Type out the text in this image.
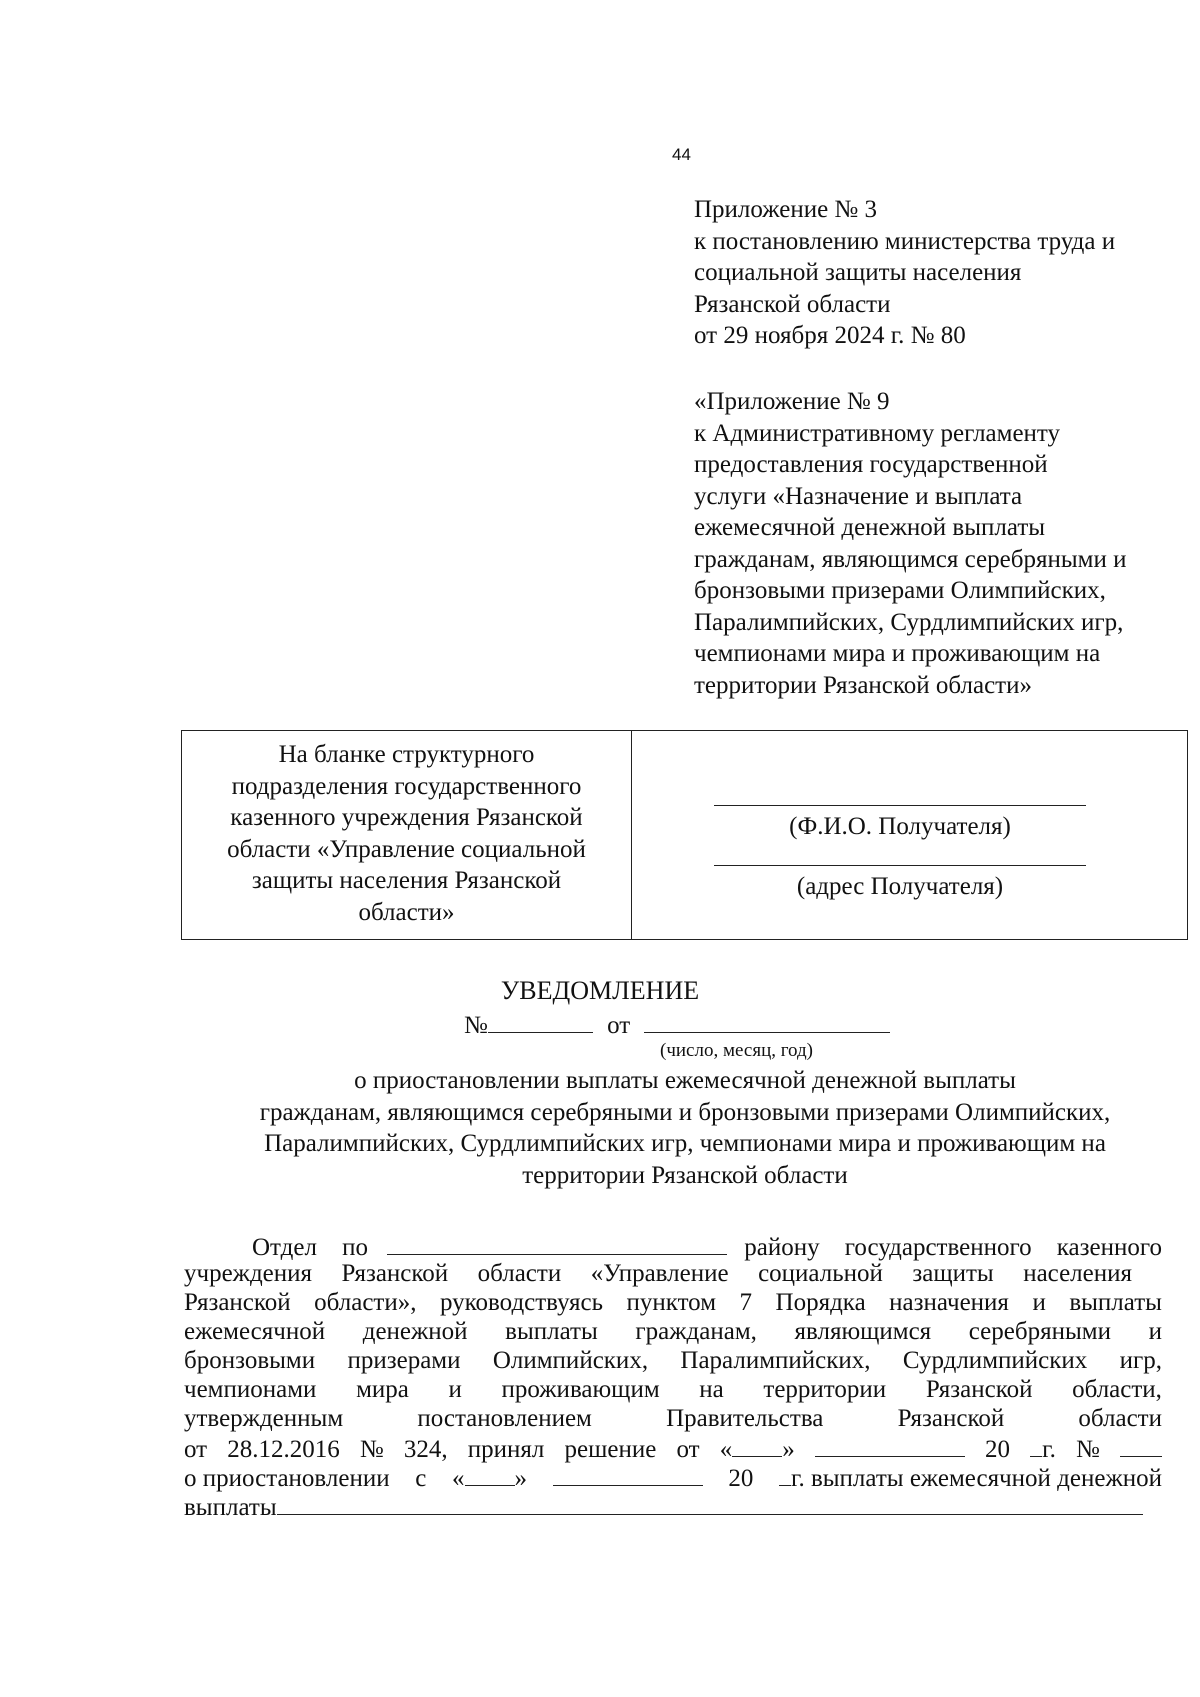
44
Приложение № 3
к постановлению министерства труда и
социальной защиты населения
Рязанской области
от 29 ноября 2024 г. № 80
«Приложение № 9
к Административному регламенту
предоставления государственной
услуги «Назначение и выплата
ежемесячной денежной выплаты
гражданам, являющимся серебряными и
бронзовыми призерами Олимпийских,
Паралимпийских, Сурдлимпийских игр,
чемпионами мира и проживающим на
территории Рязанской области»
На бланке структурного
подразделения государственного
казенного учреждения Рязанской
области «Управление социальной
защиты населения Рязанской
области»
(Ф.И.О. Получателя)
(адрес Получателя)
УВЕДОМЛЕНИЕ
№	от
(число, месяц, год)
о приостановлении выплаты ежемесячной денежной выплаты
гражданам, являющимся серебряными и бронзовыми призерами Олимпийских,
Паралимпийских, Сурдлимпийских игр, чемпионами мира и проживающим на
территории Рязанской области
Отдел по	району государственного казенного
учреждения Рязанской области «Управление социальной защиты населения
Рязанской области», руководствуясь пунктом 7 Порядка назначения и выплаты
ежемесячной денежной выплаты гражданам, являющимся серебряными и
бронзовыми призерами Олимпийских, Паралимпийских, Сурдлимпийских игр,
чемпионами мира и проживающим на территории Рязанской области,
утвержденным	постановлением	Правительства	Рязанской	области
от 28.12.2016 № 324, принял решение от « »	20	г. №
о приостановлении с « »	20	г. выплаты ежемесячной денежной
выплаты
